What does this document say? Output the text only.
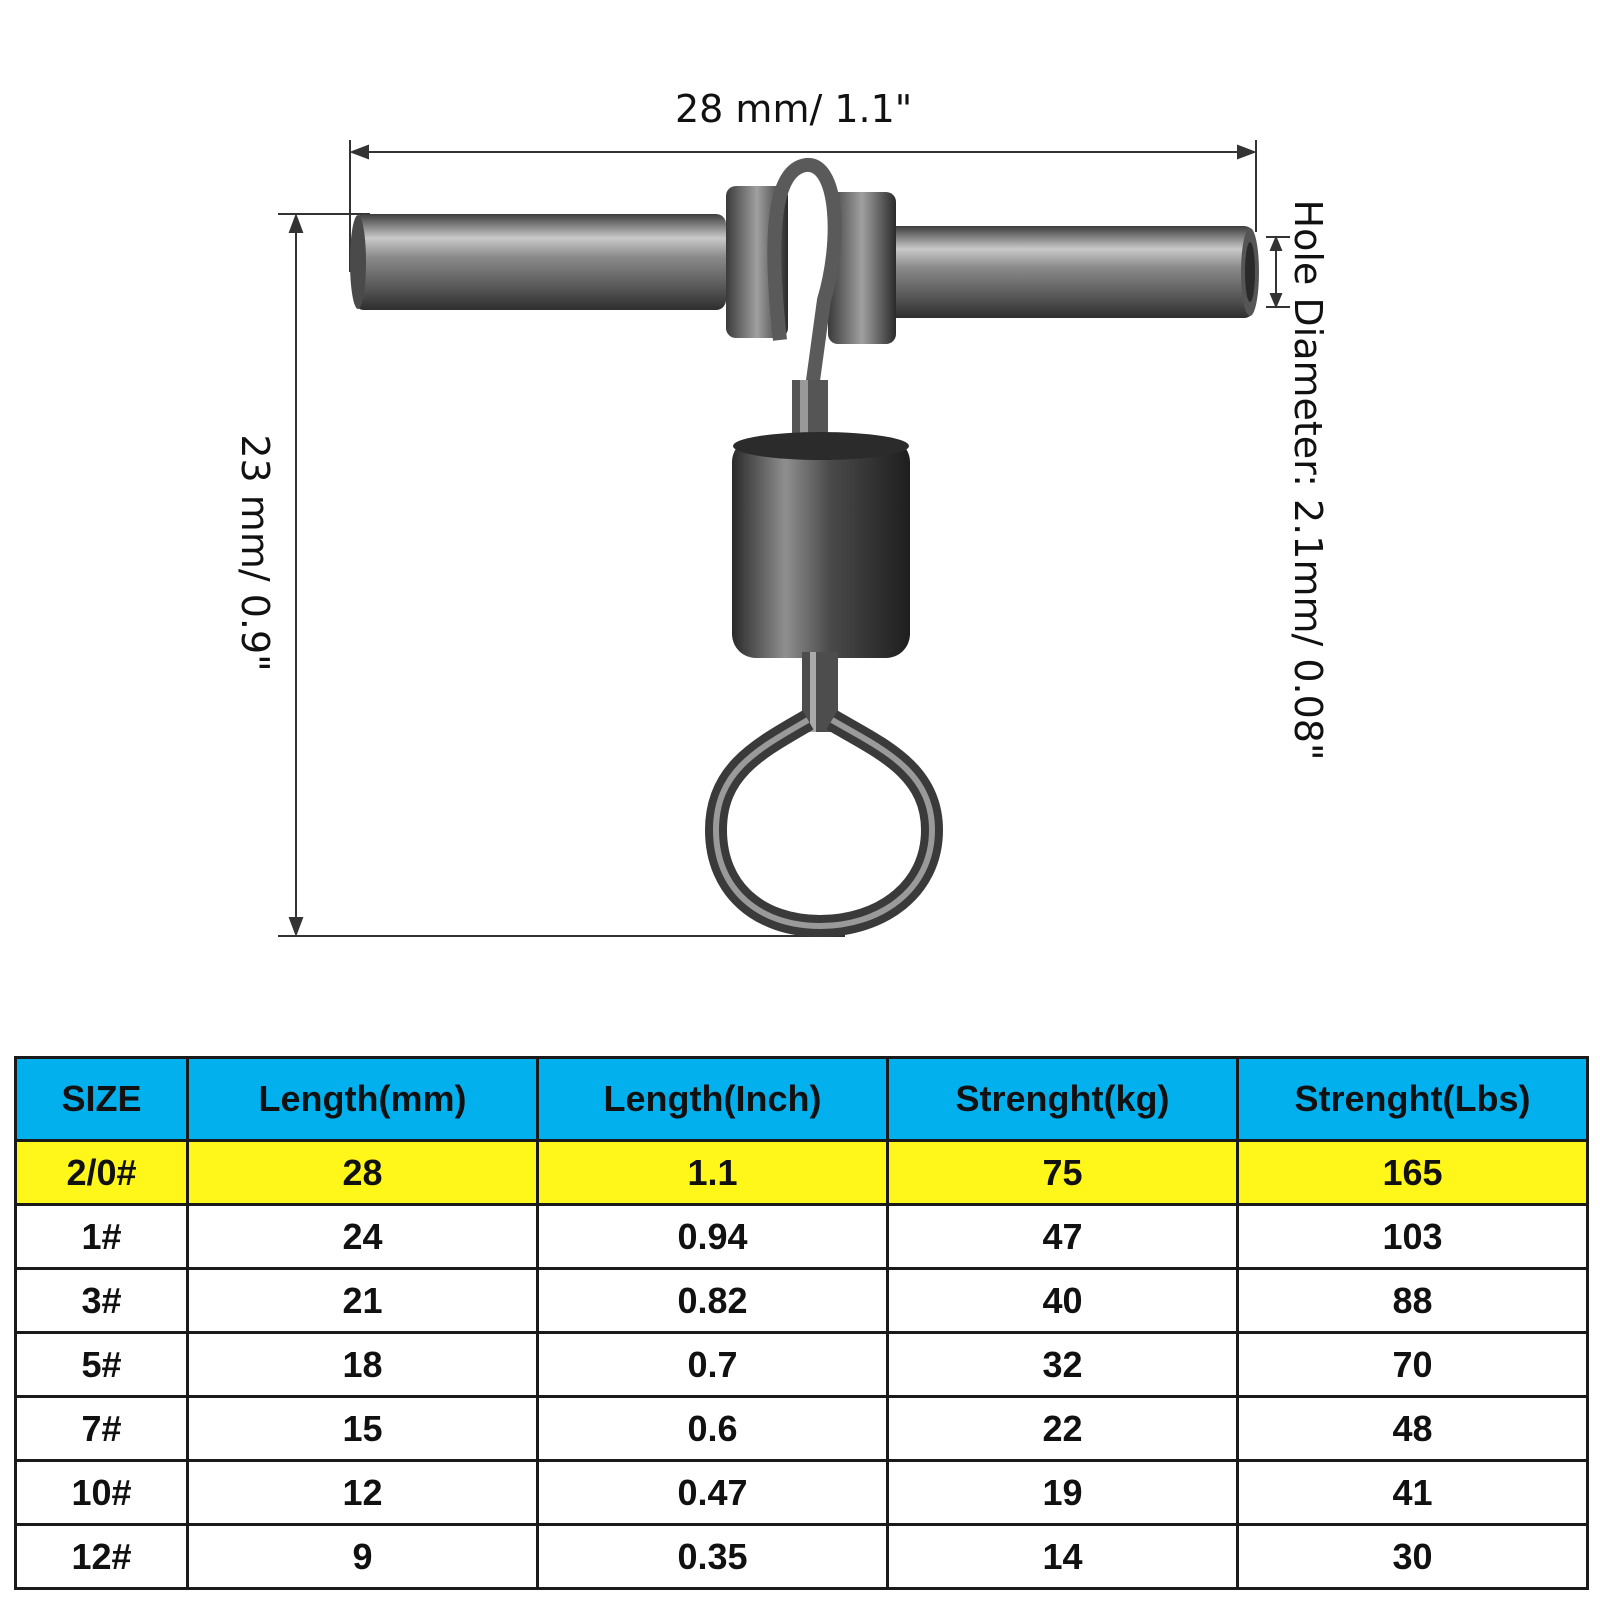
28 mm/ 1.1"
23 mm/ 0.9"	Hole Diameter: 2.1mm/ 0.08"
SIZE	Length(mm)	Length(Inch)	Strenght(kg)	Strenght(Lbs)
2/0#	28	1.1	75	165
1#	24	0.94	47	103
3#	21	0.82	40	88
5#	18	0.7	32	70
7#	15	0.6	22	48
10#	12	0.47	19	41
12#	9	0.35	14	30
